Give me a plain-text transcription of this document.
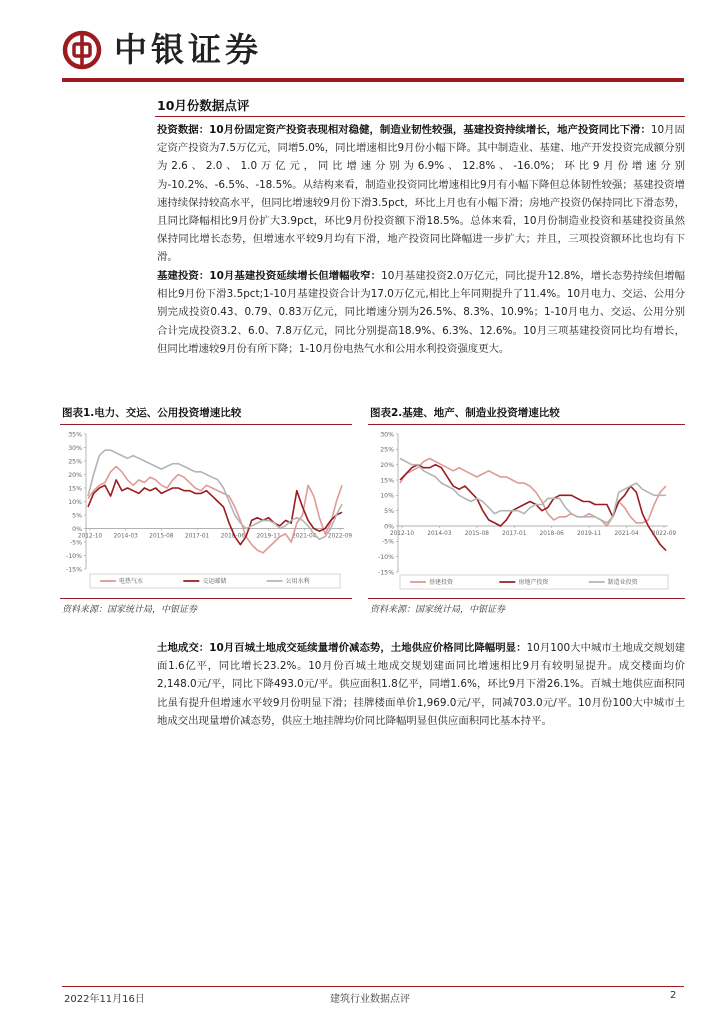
中银证券
10月份数据点评
投资数据：10月份固定资产投资表现相对稳健，制造业韧性较强，基建投资持续增长，地产投资同比下滑：10月固定资产投资为7.5万亿元，同增5.0%，同比增速相比9月份小幅下降。其中制造业、基建、地产开发投资完成额分别为2.6、2.0、1.0万亿元，同比增速分别为6.9%、12.8%、-16.0%；环比9月份增速分别为-10.2%、-6.5%、-18.5%。从结构来看，制造业投资同比增速相比9月有小幅下降但总体韧性较强；基建投资增速持续保持较高水平，但同比增速较9月份下滑3.5pct，环比上月也有小幅下滑；房地产投资仍保持同比下滑态势，且同比降幅相比9月份扩大3.9pct，环比9月份投资额下滑18.5%。总体来看，10月份制造业投资和基建投资虽然保持同比增长态势，但增速水平较9月均有下滑，地产投资同比降幅进一步扩大；并且，三项投资额环比也均有下滑。
基建投资：10月基建投资延续增长但增幅收窄：10月基建投资2.0万亿元，同比提升12.8%，增长态势持续但增幅相比9月份下滑3.5pct;1-10月基建投资合计为17.0万亿元,相比上年同期提升了11.4%。10月电力、交运、公用分别完成投资0.43、0.79、0.83万亿元，同比增速分别为26.5%、8.3%、10.9%；1-10月电力、交运、公用分别合计完成投资3.2、6.0、7.8万亿元，同比分别提高18.9%、6.3%、12.6%。10月三项基建投资同比均有增长，但同比增速较9月份有所下降；1-10月份电热气水和公用水利投资强度更大。
图表1.电力、交运、公用投资增速比较
35%
30%
25%
20%
15%
10%
5%
0%
-5%
-10%
-15%
2012-10 2014-03 2015-08 2017-01 2018-06 2019-11 2021-04 2022-09
电热气水	交运邮储	公用水利
资料来源：国家统计局，中银证券
图表2.基建、地产、制造业投资增速比较
30%
25%
20%
15%
10%
5%
0%
-5%
-10%
-15%
2012-10 2014-03 2015-08 2017-01 2018-06 2019-11 2021-04 2022-09
基建投资	房地产投资	制造业投资
资料来源：国家统计局，中银证券
土地成交：10月百城土地成交延续量增价减态势，土地供应价格同比降幅明显：10月100大中城市土地成交规划建面1.6亿平，同比增长23.2%。10月份百城土地成交规划建面同比增速相比9月有较明显提升。成交楼面均价2,148.0元/平，同比下降493.0元/平。供应面积1.8亿平，同增1.6%，环比9月下滑26.1%。百城土地供应面积同比虽有提升但增速水平较9月份明显下滑；挂牌楼面单价1,969.0元/平，同减703.0元/平。10月份100大中城市土地成交出现量增价减态势，供应土地挂牌均价同比降幅明显但供应面积同比基本持平。
2022年11月16日	建筑行业数据点评	2
